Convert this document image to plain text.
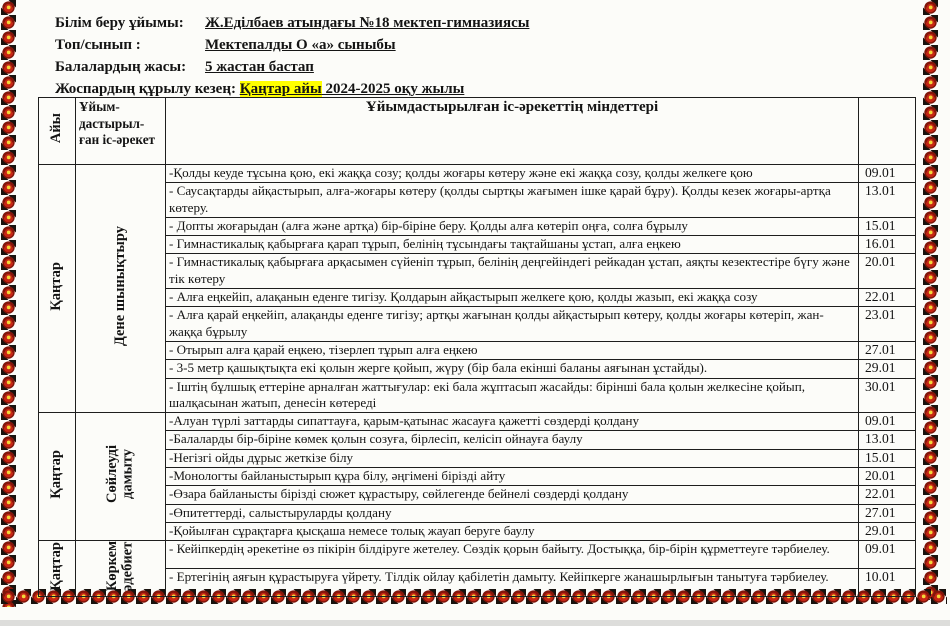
Білім беру ұйымы: Ж.Еділбаев атындағы №18 мектеп-гимназиясы
Топ/сынып :	Мектепалды О «а» сыныбы
Балалардың жасы: 5 жастан бастап
Жоспардың құрылу кезең: Қаңтар айы 2024-2025 оқу жылы
Айы	Ұйым-
дастырыл-
ған іс-әрекет	Ұйымдастырылған іс-әрекеттің міндеттері	
Қаңтар	Дене шынықтыру	-Қолды кеуде тұсына қою, екі жаққа созу; қолды жоғары көтеру және екі жаққа созу, қолды желкеге қою	09.01
		- Саусақтарды айқастырып, алға-жоғары көтеру (қолды сыртқы жағымен ішке қарай бұру). Қолды кезек жоғары-артқа көтеру.	13.01
		- Допты жоғарыдан (алға және артқа) бір-біріне беру. Қолды алға көтеріп оңға, солға бұрылу	15.01
		- Гимнастикалық қабырғаға қарап тұрып, белінің тұсындағы тақтайшаны ұстап, алға еңкею	16.01
		- Гимнастикалық қабырғаға арқасымен сүйеніп тұрып, белінің деңгейіндегі рейкадан ұстап, аяқты кезектестіре бүгу және тік көтеру	20.01
		- Алға еңкейіп, алақанын еденге тигізу. Қолдарын айқастырып желкеге қою, қолды жазып, екі жаққа созу	22.01
		- Алға қарай еңкейіп, алақанды еденге тигізу; артқы жағынан қолды айқастырып көтеру, қолды жоғары көтеріп, жан-жаққа бұрылу	23.01
		- Отырып алға қарай еңкею, тізерлеп тұрып алға еңкею	27.01
		- 3-5 метр қашықтықта екі қолын жерге қойып, жүру (бір бала екінші баланы аяғынан ұстайды).	29.01
		- Іштің бұлшық еттеріне арналған жаттығулар: екі бала жұптасып жасайды: бірінші бала қолын желкесіне қойып, шалқасынан жатып, денесін көтереді	30.01
Қаңтар	Сөйлеуді
дамыту	-Алуан түрлі заттарды сипаттауға, қарым-қатынас жасауға қажетті сөздерді қолдану	09.01
		-Балаларды бір-біріне көмек қолын созуға, бірлесіп, келісіп ойнауға баулу	13.01
		-Негізгі ойды дұрыс жеткізе білу	15.01
		-Монологты байланыстырып құра білу, әңгімені бірізді айту	20.01
		-Өзара байланысты бірізді сюжет құрастыру, сөйлегенде бейнелі сөздерді қолдану	22.01
		-Өпитеттерді, салыстыруларды қолдану	27.01
		-Қойылған сұрақтарға қысқаша немесе толық жауап беруге баулу	29.01
Қаңтар	Көркем
әдебиет	- Кейіпкердің әрекетіне өз пікірін білдіруге жетелеу. Сөздік қорын байыту. Достыққа, бір-бірін құрметтеуге тәрбиелеу.	09.01
		- Ертегінің аяғын құрастыруға үйрету. Тілдік ойлау қабілетін дамыту. Кейіпкерге жанашырлығын танытуға тәрбиелеу.	10.01
